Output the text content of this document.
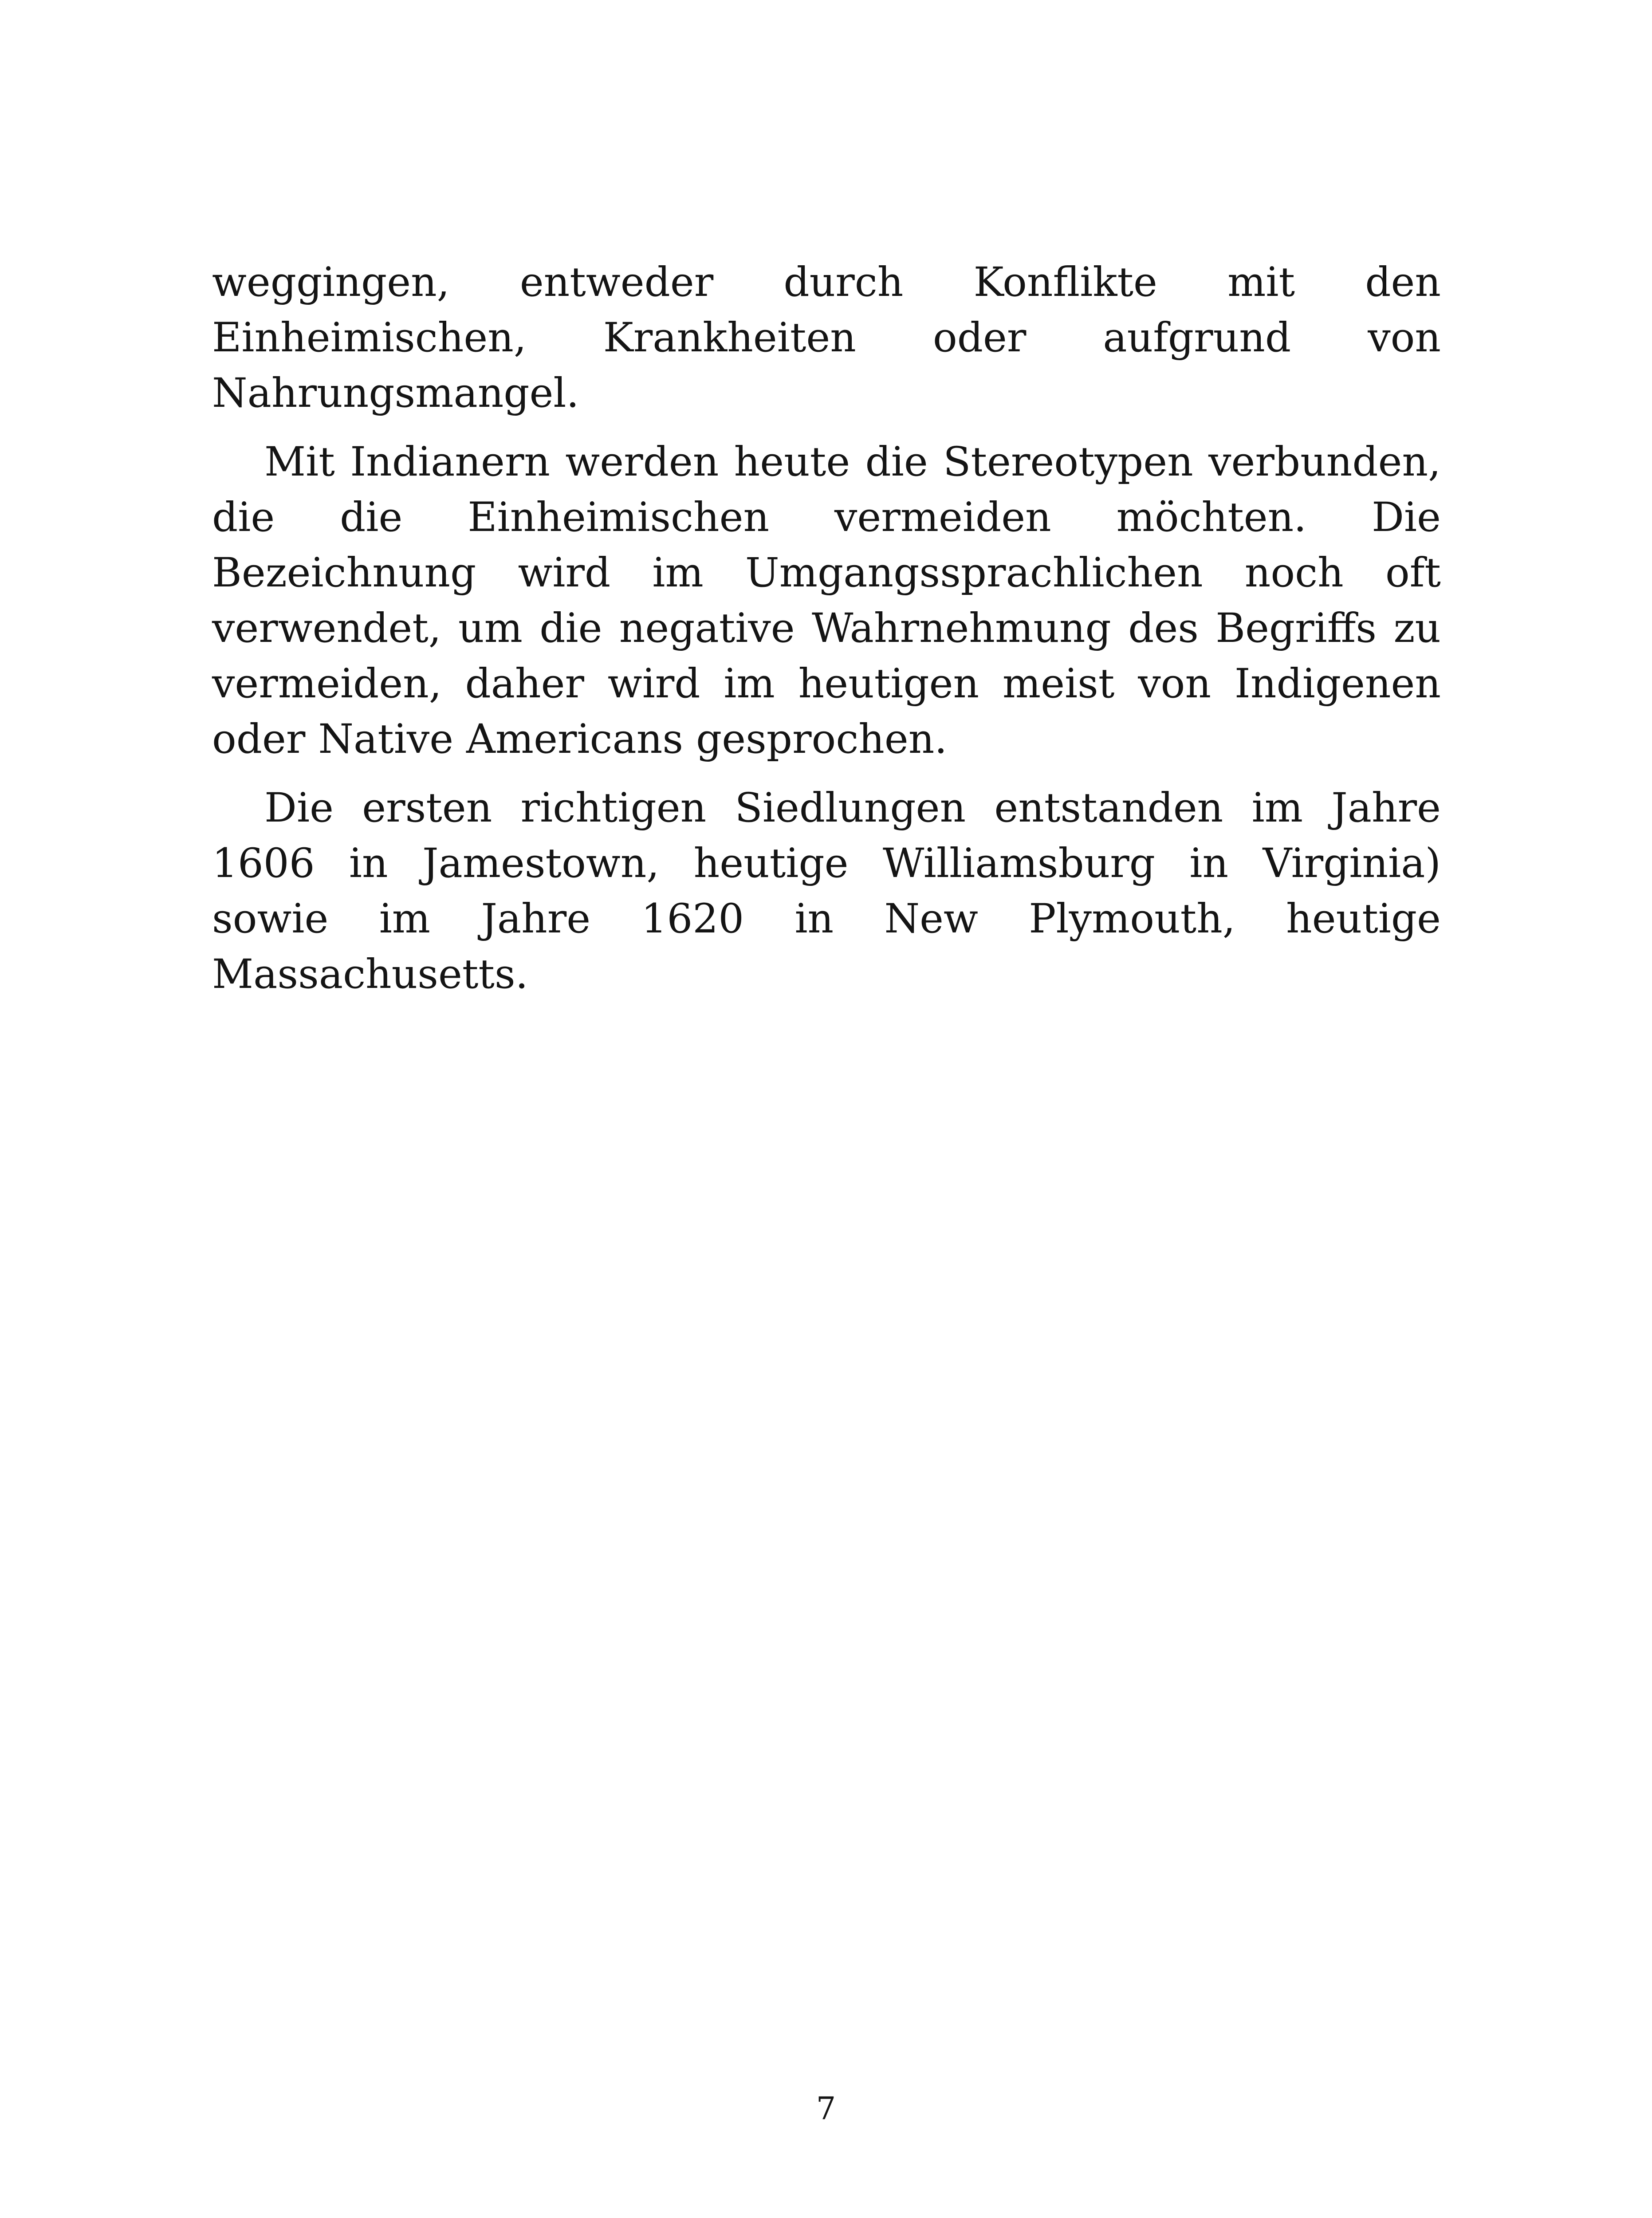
weggingen, entweder durch Konflikte mit den Einheimischen, Krankheiten oder aufgrund von Nahrungsmangel.

Mit Indianern werden heute die Stereotypen verbunden, die die Einheimischen vermeiden möchten. Die Bezeichnung wird im Umgangssprachlichen noch oft verwendet, um die negative Wahrnehmung des Begriffs zu vermeiden, daher wird im heutigen meist von Indigenen oder Native Americans gesprochen.

Die ersten richtigen Siedlungen entstanden im Jahre 1606 in Jamestown, heutige Williamsburg in Virginia) sowie im Jahre 1620 in New Plymouth, heutige Massachusetts.

7
